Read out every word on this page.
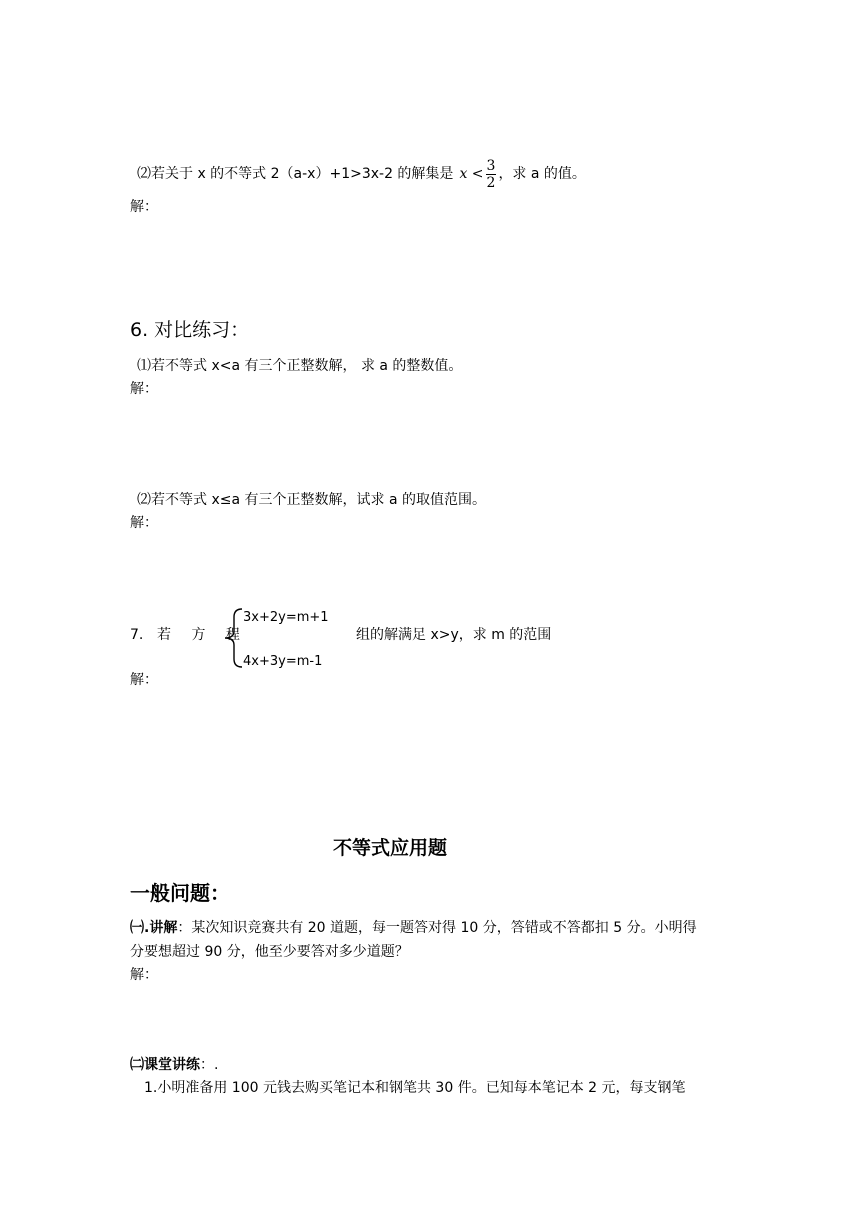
⑵若关于 x 的不等式 2（a-x）+1>3x-2 的解集是 $x < \frac{3}{2}$ ，求 a 的值。
解：
6. 对比练习：
⑴若不等式 x<a 有三个正整数解， 求 a 的整数值。
解：
⑵若不等式 x≤a 有三个正整数解，试求 a 的取值范围。
解：
7. 若 方 程
3x+2y=m+1
4x+3y=m-1
组的解满足 x>y，求 m 的范围
解：
不等式应用题
一般问题：
㈠.讲解：某次知识竞赛共有 20 道题，每一题答对得 10 分，答错或不答都扣 5 分。小明得
分要想超过 90 分，他至少要答对多少道题？
解：
㈡课堂讲练：.
1.小明准备用 100 元钱去购买笔记本和钢笔共 30 件。已知每本笔记本 2 元，每支钢笔
